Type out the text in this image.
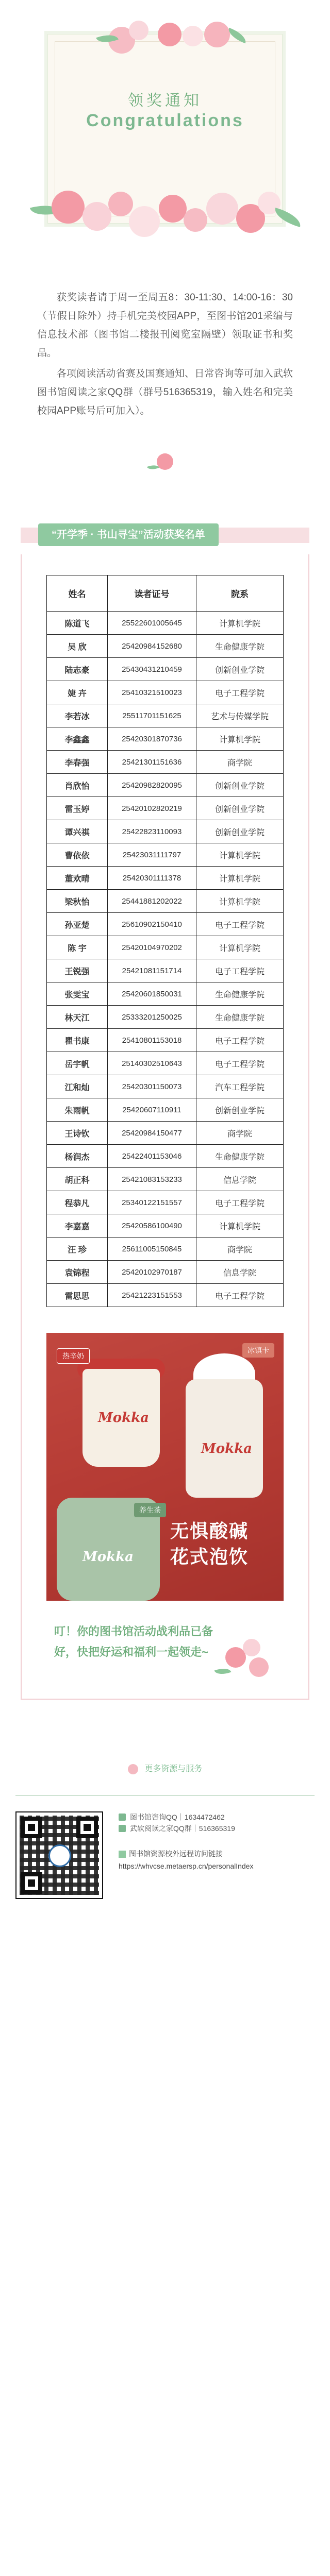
领奖通知
Congratulations

获奖读者请于周一至周五8：30-11:30、14:00-16：30（节假日除外）持手机完美校园APP，至图书馆201采编与信息技术部（图书馆二楼报刊阅览室隔壁）领取证书和奖品。

各项阅读活动省赛及国赛通知、日常咨询等可加入武软图书馆阅读之家QQ群（群号516365319，输入姓名和完美校园APP账号后可加入）。

“开学季 · 书山寻宝”活动获奖名单
姓名	读者证号	院系
陈道飞	25522601005645	计算机学院
吴 欣	25420984152680	生命健康学院
陆志豪	25430431210459	创新创业学院
婕 卉	25410321510023	电子工程学院
李若冰	25511701151625	艺术与传媒学院
李鑫鑫	25420301870736	计算机学院
李春强	25421301151636	商学院
肖欣怡	25420982820095	创新创业学院
雷玉婷	25420102820219	创新创业学院
谭兴祺	25422823110093	创新创业学院
曹依依	25423031111797	计算机学院
董欢晴	25420301111378	计算机学院
梁秋怡	25441881202022	计算机学院
孙亚楚	25610902150410	电子工程学院
陈 宇	25420104970202	计算机学院
王锐强	25421081151714	电子工程学院
张雯宝	25420601850031	生命健康学院
林天江	25333201250025	生命健康学院
瞿书康	25410801153018	电子工程学院
岳宇帆	25140302510643	电子工程学院
江和灿	25420301150073	汽车工程学院
朱雨帆	25420607110911	创新创业学院
王诗钦	25420984150477	商学院
杨润杰	25422401153046	生命健康学院
胡正科	25421083153233	信息学院
程恭凡	25340122151557	电子工程学院
李嘉嘉	25420586100490	计算机学院
汪 珍	25611005150845	商学院
袁锦程	25420102970187	信息学院
雷思思	25421223151553	电子工程学院
Mokka
Mokka
Mokka
热辛奶
冰镇卡
养生茶
无惧酸碱
花式泡饮
叮！你的图书馆活动战利品已备好，快把好运和福利一起领走~
更多资源与服务
图书馆咨询QQ｜1634472462
武软阅读之家QQ群｜516365319
图书馆资源校外远程访问链接
https://whvcse.metaersp.cn/personalIndex
